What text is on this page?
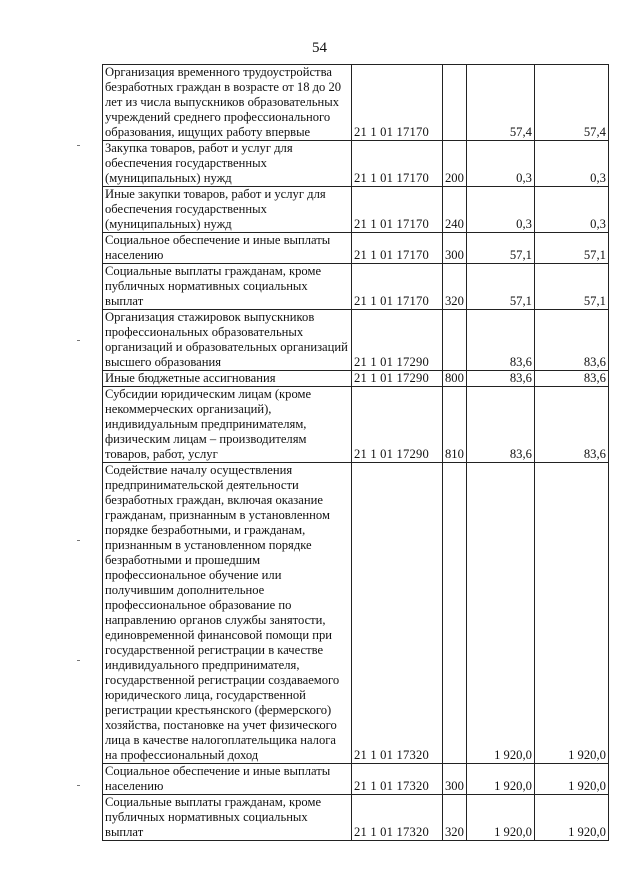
54
Организация временного трудоустройства безработных граждан в возрасте от 18 до 20 лет из числа выпускников образовательных учреждений среднего профессионального образования, ищущих работу впервые	21 1 01 17170		57,4	57,4
Закупка товаров, работ и услуг для обеспечения государственных (муниципальных) нужд	21 1 01 17170	200	0,3	0,3
Иные закупки товаров, работ и услуг для обеспечения государственных (муниципальных) нужд	21 1 01 17170	240	0,3	0,3
Социальное обеспечение и иные выплаты населению	21 1 01 17170	300	57,1	57,1
Социальные выплаты гражданам, кроме публичных нормативных социальных выплат	21 1 01 17170	320	57,1	57,1
Организация стажировок выпускников профессиональных образовательных организаций и образовательных организаций высшего образования	21 1 01 17290		83,6	83,6
Иные бюджетные ассигнования	21 1 01 17290	800	83,6	83,6
Субсидии юридическим лицам (кроме некоммерческих организаций), индивидуальным предпринимателям, физическим лицам – производителям товаров, работ, услуг	21 1 01 17290	810	83,6	83,6
Содействие началу осуществления предпринимательской деятельности безработных граждан, включая оказание гражданам, признанным в установленном порядке безработными, и гражданам, признанным в установленном порядке безработными и прошедшим профессиональное обучение или получившим дополнительное профессиональное образование по направлению органов службы занятости, единовременной финансовой помощи при государственной регистрации в качестве индивидуального предпринимателя, государственной регистрации создаваемого юридического лица, государственной регистрации крестьянского (фермерского) хозяйства, постановке на учет физического лица в качестве налогоплательщика налога на профессиональный доход	21 1 01 17320		1 920,0	1 920,0
Социальное обеспечение и иные выплаты населению	21 1 01 17320	300	1 920,0	1 920,0
Социальные выплаты гражданам, кроме публичных нормативных социальных выплат	21 1 01 17320	320	1 920,0	1 920,0
